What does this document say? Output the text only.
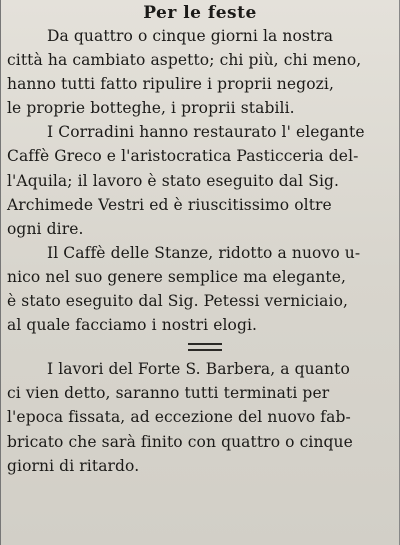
Per le feste

Da quattro o cinque giorni la nostra

città ha cambiato aspetto; chi più, chi meno,

hanno tutti fatto ripulire i proprii negozi,

le proprie botteghe, i proprii stabili.

I Corradini hanno restaurato l' elegante

Caffè Greco e l'aristocratica Pasticceria del-

l'Aquila; il lavoro è stato eseguito dal Sig.

Archimede Vestri ed è riuscitissimo oltre

ogni dire.

Il Caffè delle Stanze, ridotto a nuovo u-

nico nel suo genere semplice ma elegante,

è stato eseguito dal Sig. Petessi verniciaio,

al quale facciamo i nostri elogi.

I lavori del Forte S. Barbera, a quanto

ci vien detto, saranno tutti terminati per

l'epoca fissata, ad eccezione del nuovo fab-

bricato che sarà finito con quattro o cinque

giorni di ritardo.
